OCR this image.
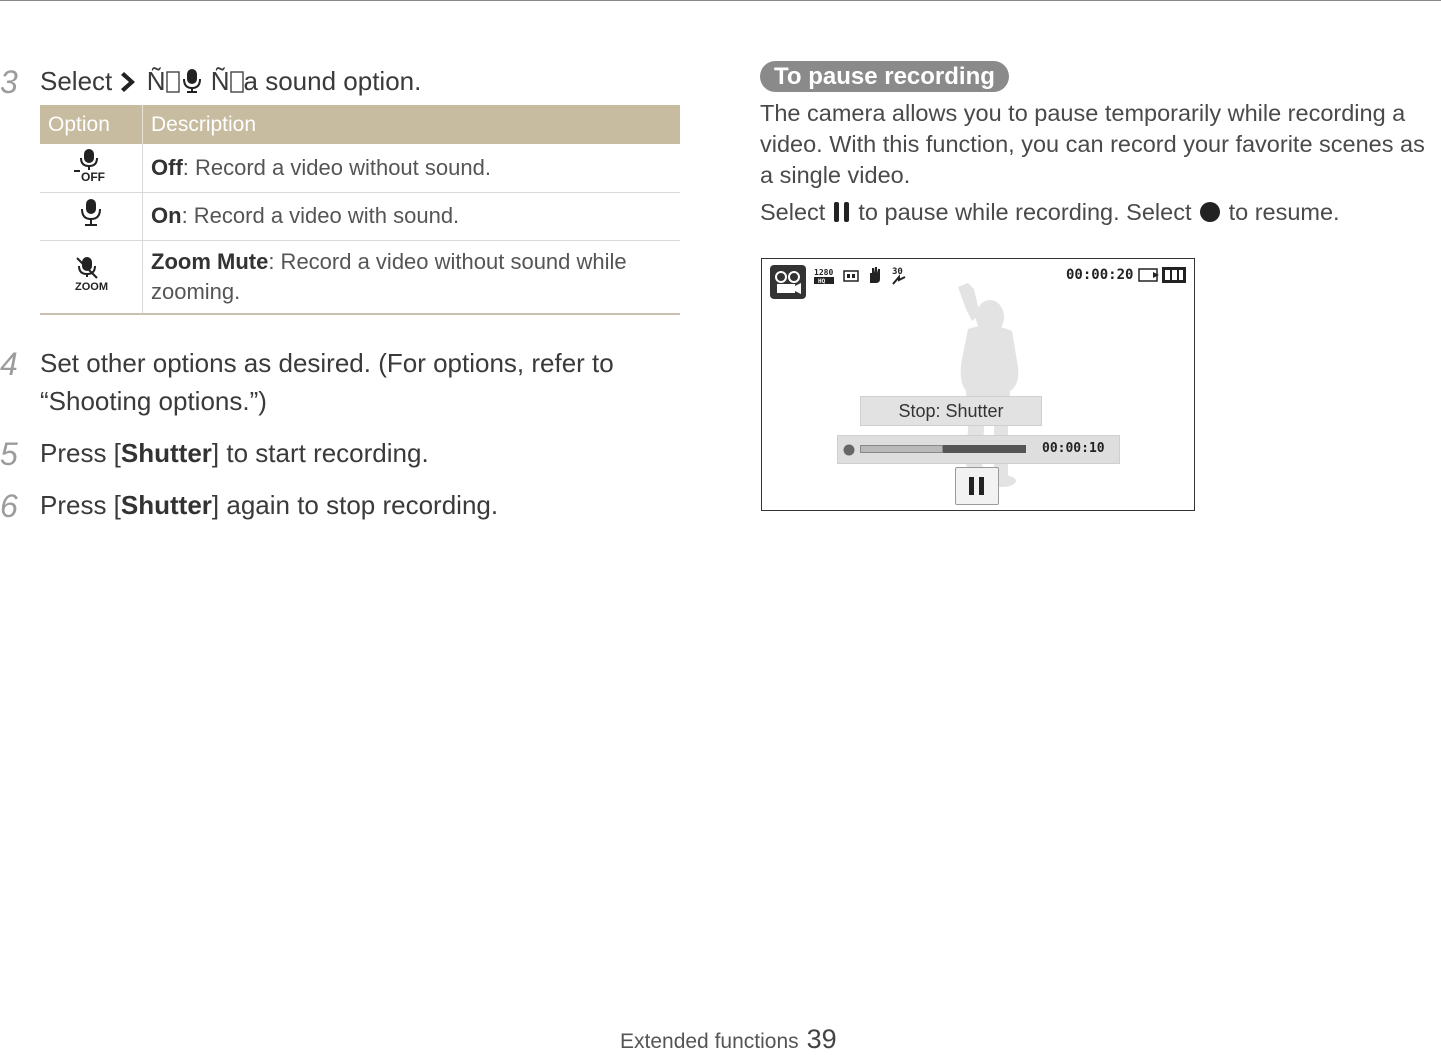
3 Select Ñ Ñ a sound option.
Option	Description

OFF	Off: Record a video without sound.
	On: Record a video with sound.

ZOOM	Zoom Mute: Record a video without sound while
zooming.
4 Set other options as desired. (For options, refer to
“Shooting options.”)
5 Press [Shutter] to start recording.
6 Press [Shutter] again to stop recording.
To pause recording
The camera allows you to pause temporarily while recording a
video. With this function, you can record your favorite scenes as
a single video.
Select to pause while recording. Select to resume.
1280
HQ
30	00:00:20
Stop: Shutter
00:00:10
Extended functions 39
